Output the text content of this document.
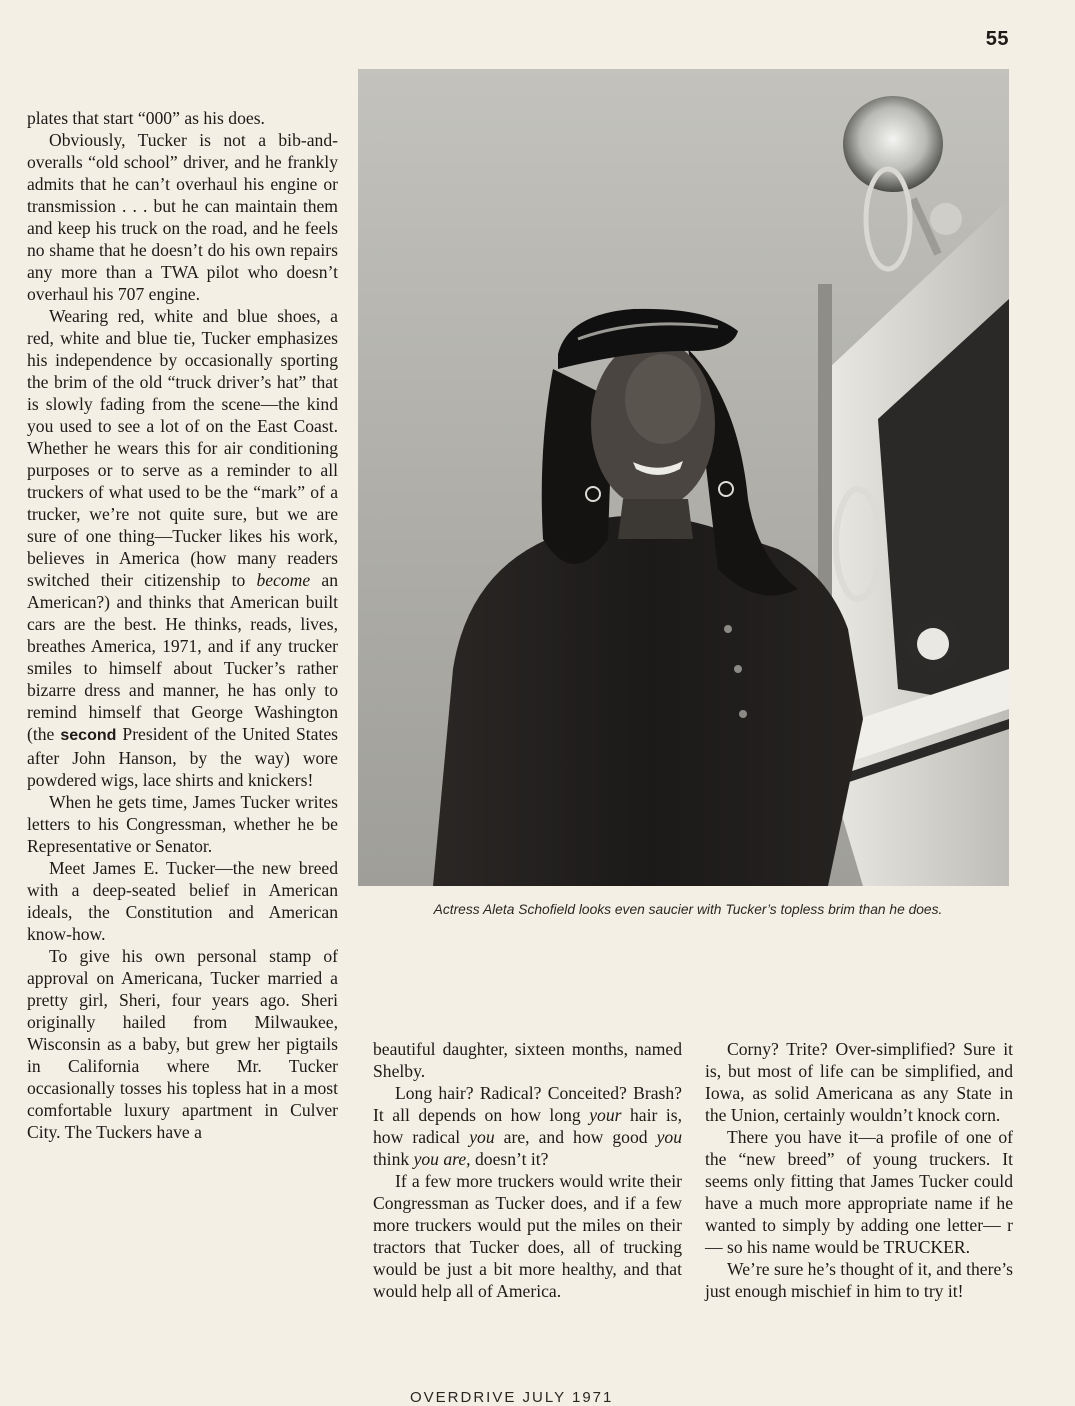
55

plates that start “000” as his does.

Obviously, Tucker is not a bib-and-overalls “old school” driver, and he frankly admits that he can’t overhaul his engine or transmission . . . but he can maintain them and keep his truck on the road, and he feels no shame that he doesn’t do his own repairs any more than a TWA pilot who doesn’t overhaul his 707 engine.

Wearing red, white and blue shoes, a red, white and blue tie, Tucker emphasizes his independence by occasionally sporting the brim of the old “truck driver’s hat” that is slowly fading from the scene—the kind you used to see a lot of on the East Coast. Whether he wears this for air conditioning purposes or to serve as a reminder to all truckers of what used to be the “mark” of a trucker, we’re not quite sure, but we are sure of one thing—Tucker likes his work, believes in America (how many readers switched their citizenship to become an American?) and thinks that American built cars are the best. He thinks, reads, lives, breathes America, 1971, and if any trucker smiles to himself about Tucker’s rather bizarre dress and manner, he has only to remind himself that George Washington (the second President of the United States after John Hanson, by the way) wore powdered wigs, lace shirts and knickers!

When he gets time, James Tucker writes letters to his Congressman, whether he be Representative or Senator.

Meet James E. Tucker—the new breed with a deep-seated belief in American ideals, the Constitution and American know-how.

To give his own personal stamp of approval on Americana, Tucker married a pretty girl, Sheri, four years ago. Sheri originally hailed from Milwaukee, Wisconsin as a baby, but grew her pigtails in California where Mr. Tucker occasionally tosses his topless hat in a most comfortable luxury apartment in Culver City. The Tuckers have a

Actress Aleta Schofield looks even saucier with Tucker’s topless brim than he does.

beautiful daughter, sixteen months, named Shelby.

Long hair? Radical? Conceited? Brash? It all depends on how long your hair is, how radical you are, and how good you think you are, doesn’t it?

If a few more truckers would write their Congressman as Tucker does, and if a few more truckers would put the miles on their tractors that Tucker does, all of trucking would be just a bit more healthy, and that would help all of America.

Corny? Trite? Over-simplified? Sure it is, but most of life can be simplified, and Iowa, as solid Americana as any State in the Union, certainly wouldn’t knock corn.

There you have it—a profile of one of the “new breed” of young truckers. It seems only fitting that James Tucker could have a much more appropriate name if he wanted to simply by adding one letter— r — so his name would be TRUCKER.

We’re sure he’s thought of it, and there’s just enough mischief in him to try it!

OVERDRIVE JULY 1971
